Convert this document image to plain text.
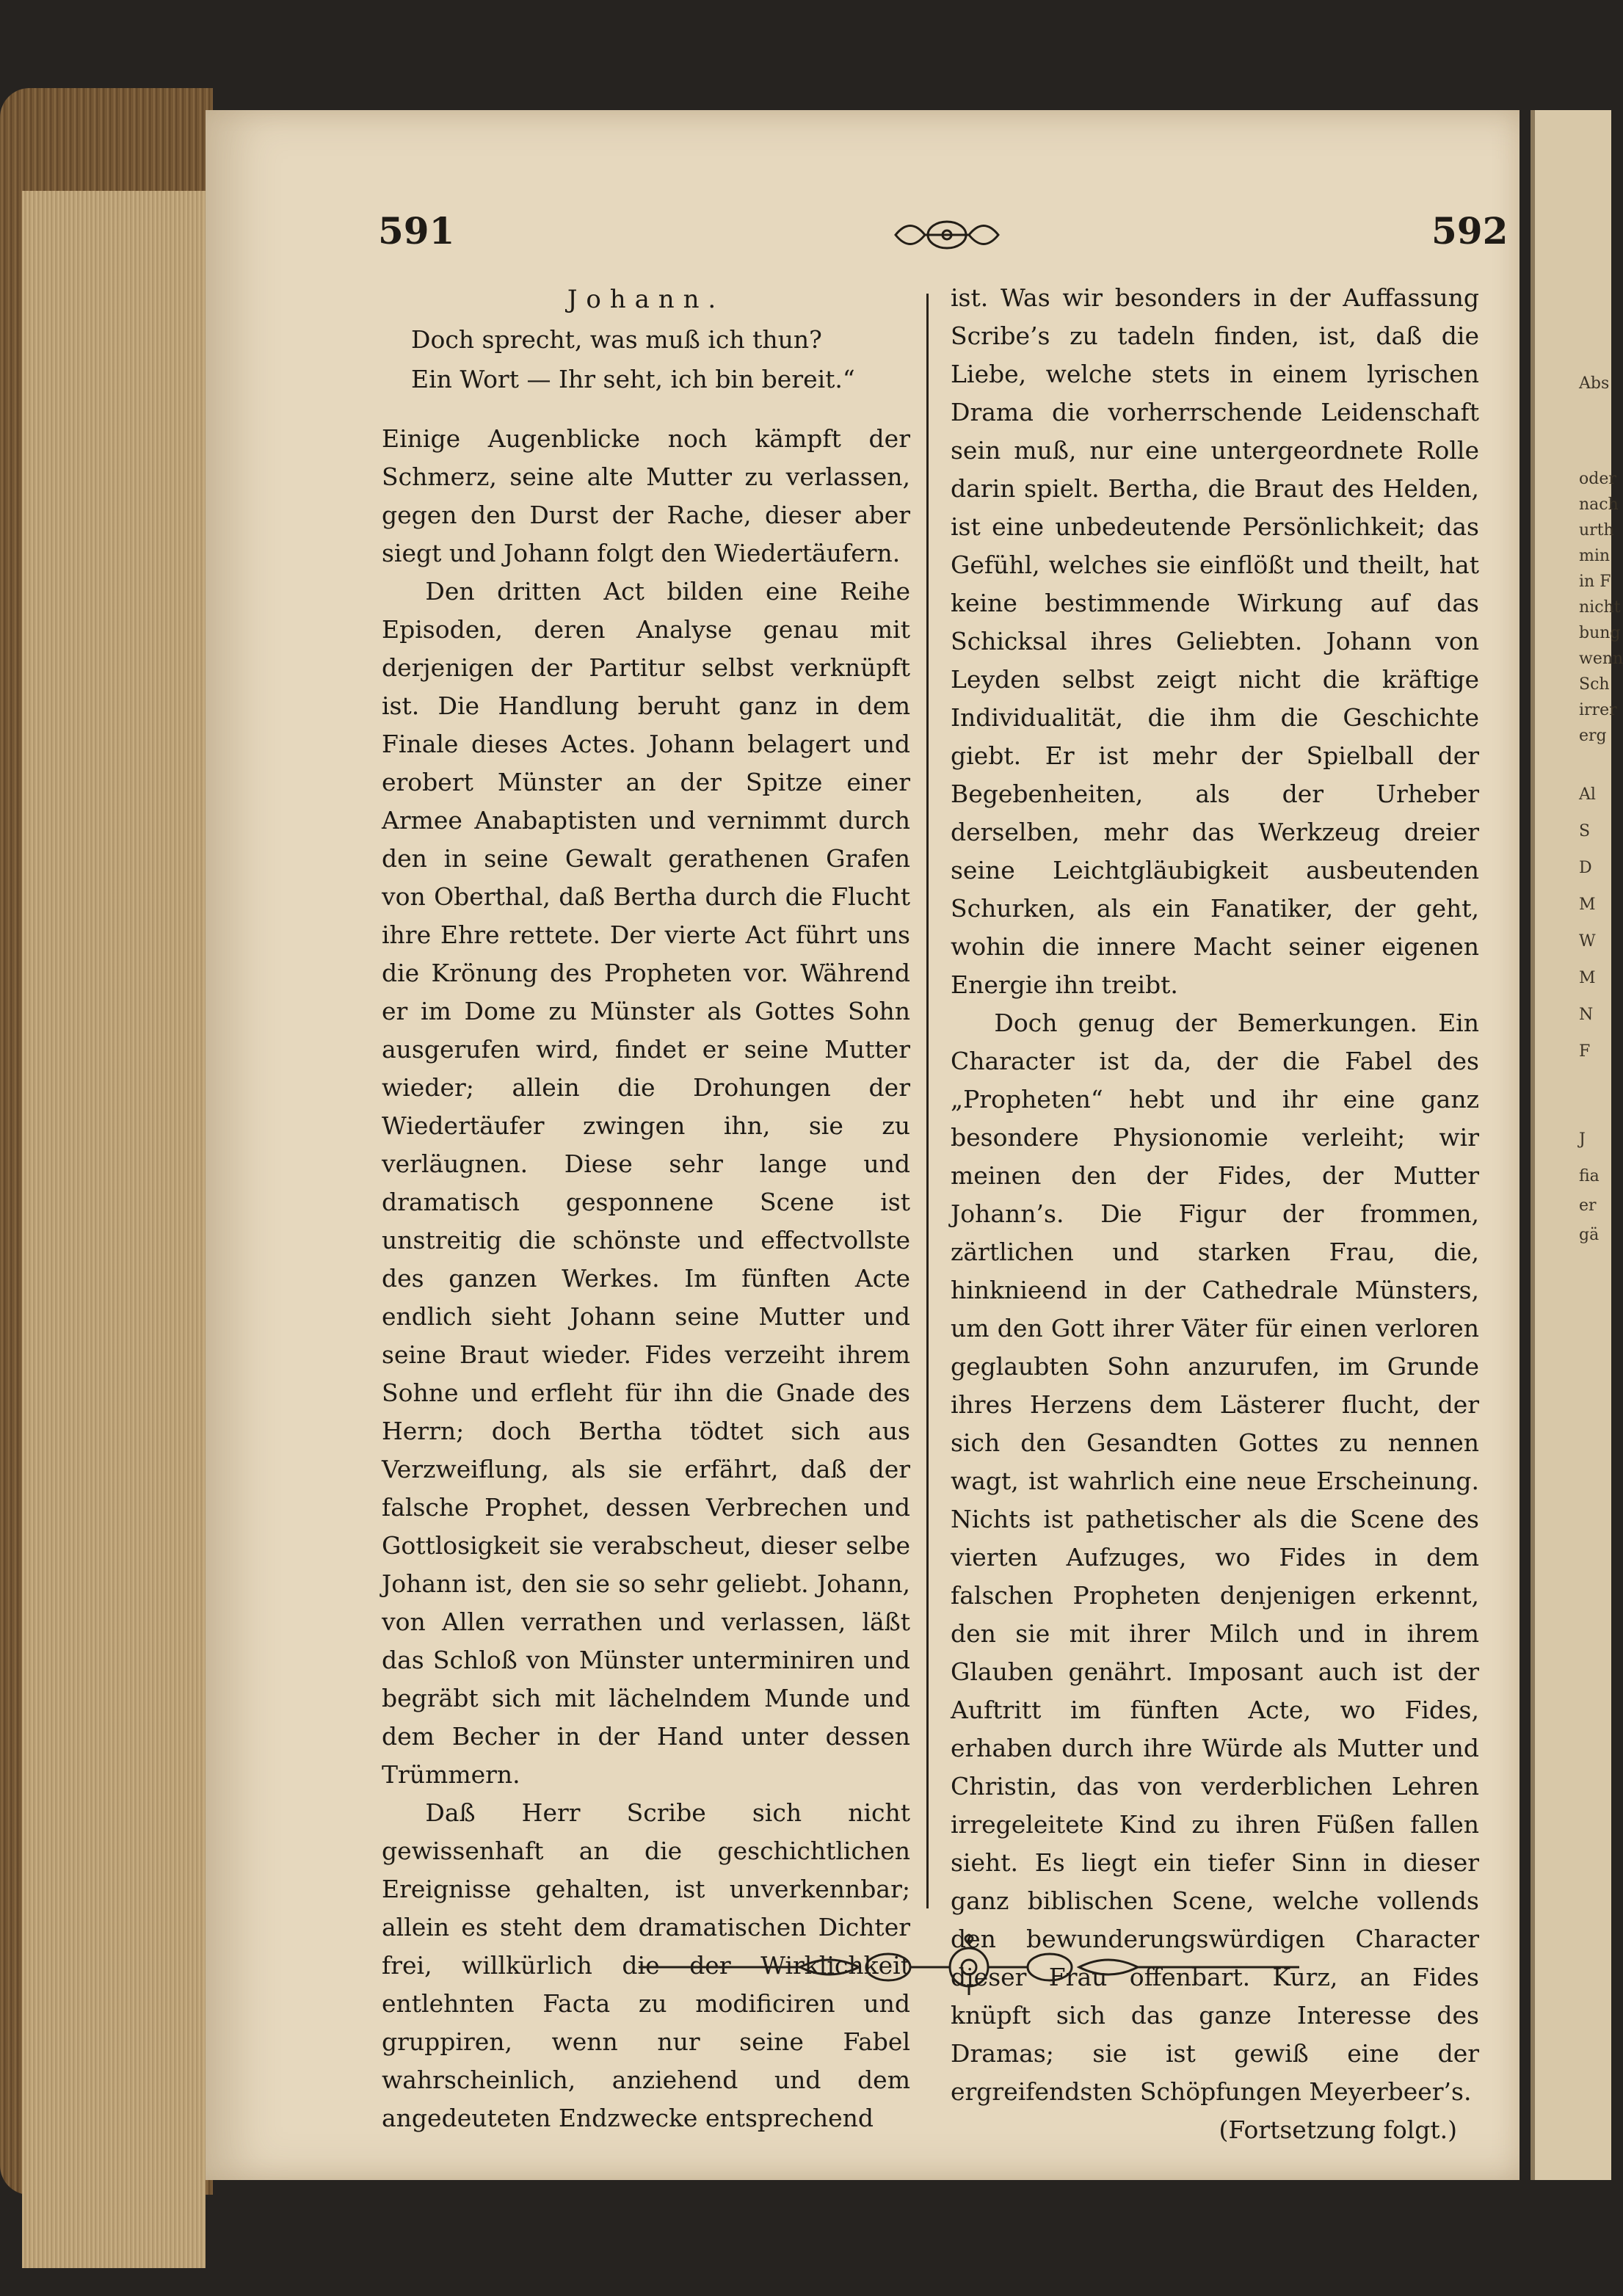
Abs
oder
nach
urth
min
in F
nicht
bung
wenn
Sch
irrer
erg
Al
S
D
M
W
M
N
F
J
fia
er
gä
591	592
Johann.
Doch sprecht, was muß ich thun?
Ein Wort — Ihr seht, ich bin bereit.“

Einige Augenblicke noch kämpft der Schmerz, seine alte Mutter zu verlassen, gegen den Durst der Rache, dieser aber siegt und Johann folgt den Wiedertäufern.

Den dritten Act bilden eine Reihe Episoden, deren Analyse genau mit derjenigen der Partitur selbst verknüpft ist. Die Handlung beruht ganz in dem Finale dieses Actes. Johann belagert und erobert Münster an der Spitze einer Armee Anabaptisten und vernimmt durch den in seine Gewalt gerathenen Grafen von Oberthal, daß Bertha durch die Flucht ihre Ehre rettete. Der vierte Act führt uns die Krönung des Propheten vor. Während er im Dome zu Münster als Gottes Sohn ausgerufen wird, findet er seine Mutter wieder; allein die Drohungen der Wiedertäufer zwingen ihn, sie zu verläugnen. Diese sehr lange und dramatisch gesponnene Scene ist unstreitig die schönste und effectvollste des ganzen Werkes. Im fünften Acte endlich sieht Johann seine Mutter und seine Braut wieder. Fides verzeiht ihrem Sohne und erfleht für ihn die Gnade des Herrn; doch Bertha tödtet sich aus Verzweiflung, als sie erfährt, daß der falsche Prophet, dessen Verbrechen und Gottlosigkeit sie verabscheut, dieser selbe Johann ist, den sie so sehr geliebt. Johann, von Allen verrathen und verlassen, läßt das Schloß von Münster unterminiren und begräbt sich mit lächelndem Munde und dem Becher in der Hand unter dessen Trümmern.

Daß Herr Scribe sich nicht gewissenhaft an die geschichtlichen Ereignisse gehalten, ist unverkennbar; allein es steht dem dramatischen Dichter frei, willkürlich die der Wirklichkeit entlehnten Facta zu modificiren und gruppiren, wenn nur seine Fabel wahrscheinlich, anziehend und dem angedeuteten Endzwecke entsprechend

ist. Was wir besonders in der Auffassung Scribe’s zu tadeln finden, ist, daß die Liebe, welche stets in einem lyrischen Drama die vorherrschende Leidenschaft sein muß, nur eine untergeordnete Rolle darin spielt. Bertha, die Braut des Helden, ist eine unbedeutende Persönlichkeit; das Gefühl, welches sie einflößt und theilt, hat keine bestimmende Wirkung auf das Schicksal ihres Geliebten. Johann von Leyden selbst zeigt nicht die kräftige Individualität, die ihm die Geschichte giebt. Er ist mehr der Spielball der Begebenheiten, als der Urheber derselben, mehr das Werkzeug dreier seine Leichtgläubigkeit ausbeutenden Schurken, als ein Fanatiker, der geht, wohin die innere Macht seiner eigenen Energie ihn treibt.

Doch genug der Bemerkungen. Ein Character ist da, der die Fabel des „Propheten“ hebt und ihr eine ganz besondere Physionomie verleiht; wir meinen den der Fides, der Mutter Johann’s. Die Figur der frommen, zärtlichen und starken Frau, die, hinknieend in der Cathedrale Münsters, um den Gott ihrer Väter für einen verloren geglaubten Sohn anzurufen, im Grunde ihres Herzens dem Lästerer flucht, der sich den Gesandten Gottes zu nennen wagt, ist wahrlich eine neue Erscheinung. Nichts ist pathetischer als die Scene des vierten Aufzuges, wo Fides in dem falschen Propheten denjenigen erkennt, den sie mit ihrer Milch und in ihrem Glauben genährt. Imposant auch ist der Auftritt im fünften Acte, wo Fides, erhaben durch ihre Würde als Mutter und Christin, das von verderblichen Lehren irregeleitete Kind zu ihren Füßen fallen sieht. Es liegt ein tiefer Sinn in dieser ganz biblischen Scene, welche vollends den bewunderungswürdigen Character dieser Frau offenbart. Kurz, an Fides knüpft sich das ganze Interesse des Dramas; sie ist gewiß eine der ergreifendsten Schöpfungen Meyerbeer’s.

(Fortsetzung folgt.)
